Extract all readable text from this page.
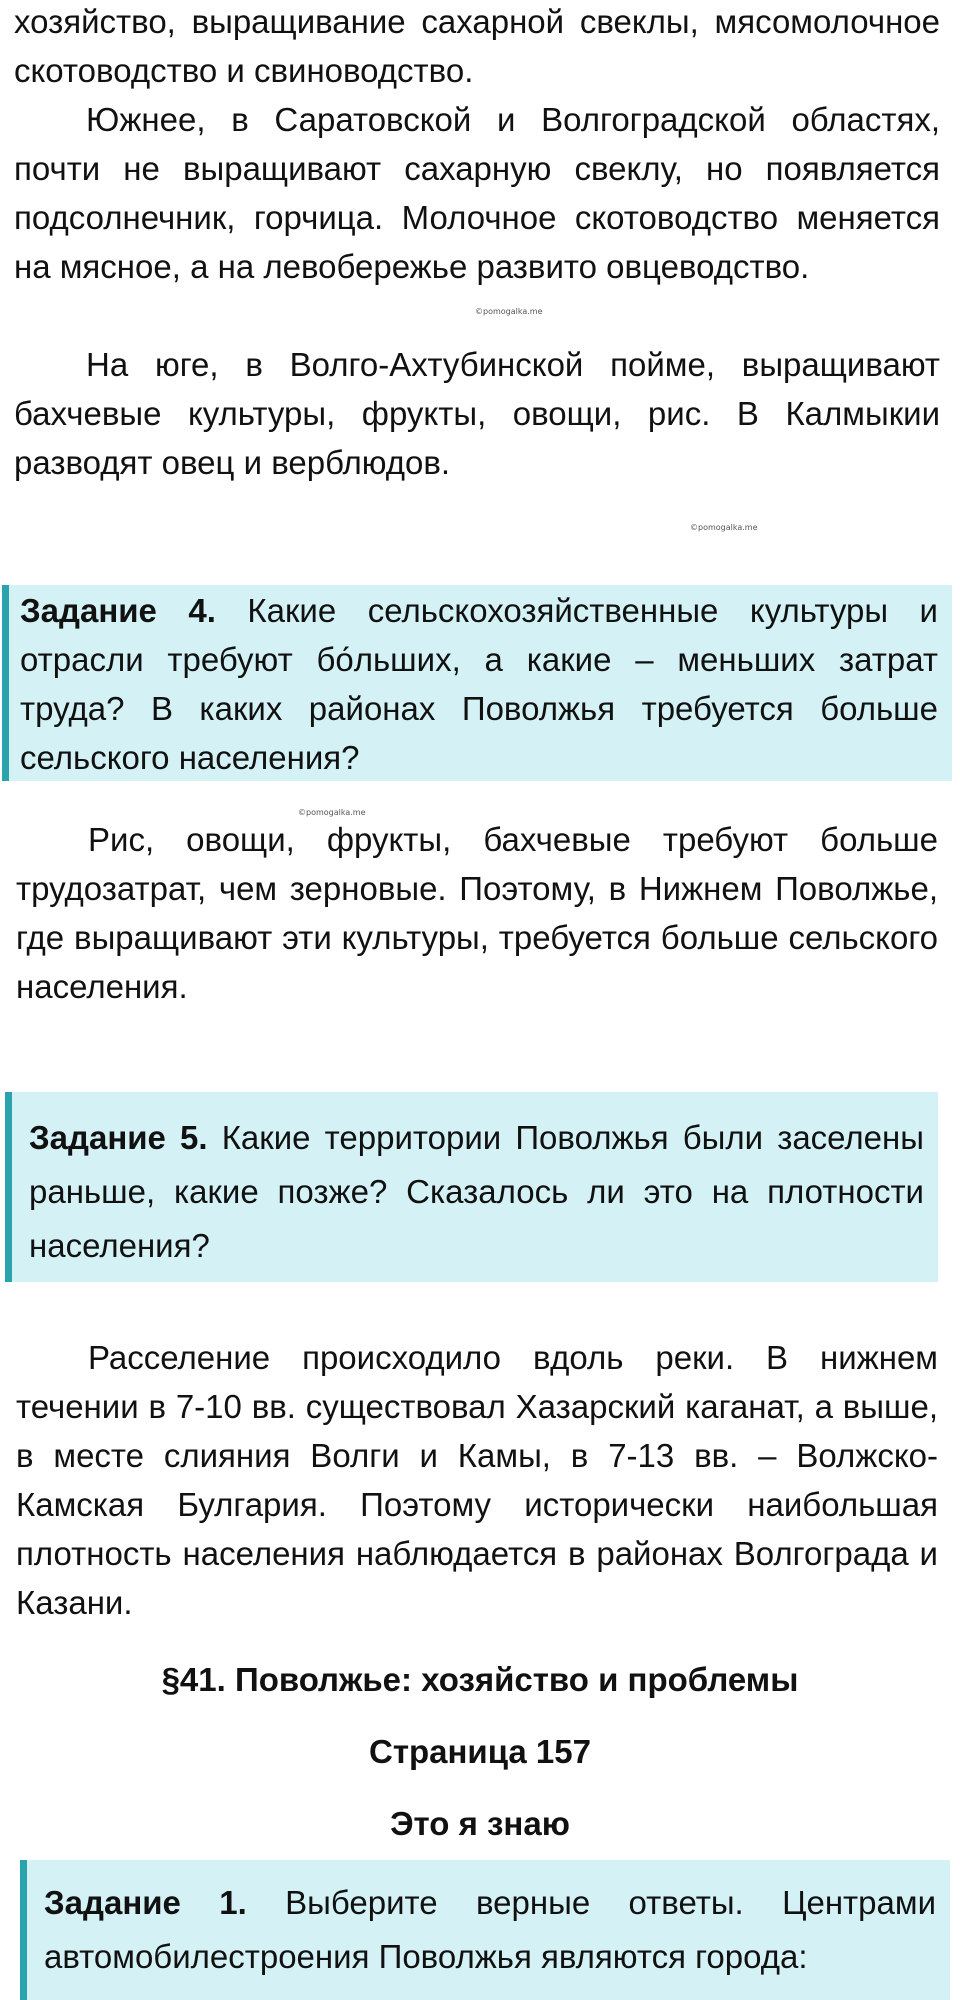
хозяйство, выращивание сахарной свеклы, мясомолочное скотоводство и свиноводство.

Южнее, в Саратовской и Волгоградской областях, почти не выращивают сахарную свеклу, но появляется подсолнечник, горчица. Молочное скотоводство меняется на мясное, а на левобережье развито овцеводство.

©pomogalka.me

На юге, в Волго-Ахтубинской пойме, выращивают бахчевые культуры, фрукты, овощи, рис. В Калмыкии разводят овец и верблюдов.

©pomogalka.me
Задание 4. Какие сельскохозяйственные культуры и отрасли требуют бо́льших, а какие – меньших затрат труда? В каких районах Поволжья требуется больше сельского населения?
©pomogalka.me

Рис, овощи, фрукты, бахчевые требуют больше трудозатрат, чем зерновые. Поэтому, в Нижнем Поволжье, где выращивают эти культуры, требуется больше сельского населения.

Задание 5. Какие территории Поволжья были заселены раньше, какие позже? Сказалось ли это на плотности населения?

Расселение происходило вдоль реки. В нижнем течении в 7-10 вв. существовал Хазарский каганат, а выше, в месте слияния Волги и Камы, в 7-13 вв. – Волжско-Камская Булгария. Поэтому исторически наибольшая плотность населения наблюдается в районах Волгограда и Казани.

§41. Поволжье: хозяйство и проблемы
Страница 157
Это я знаю
Задание 1. Выберите верные ответы. Центрами автомобилестроения Поволжья являются города:
